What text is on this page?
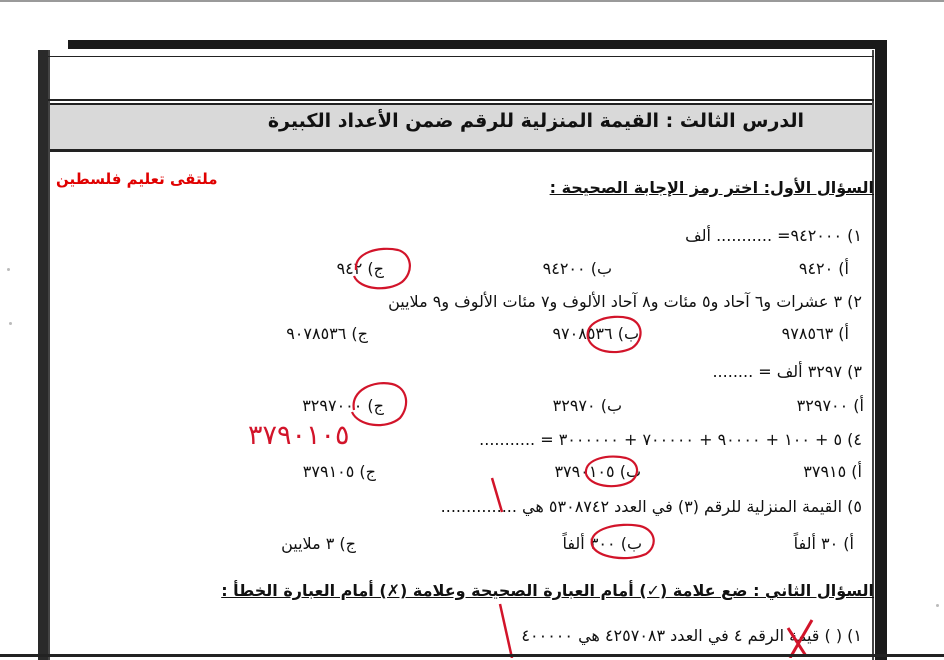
الدرس الثالث : القيمة المنزلية للرقم ضمن الأعداد الكبيرة
ملتقى تعليم فلسطين	السؤال الأول: اختر رمز الإجابة الصحيحة :
١) ٩٤٢٠٠٠= ........... ألف
أ) ٩٤٢٠
ب) ٩٤٢٠٠
ج) ٩٤٢
٢) ٣ عشرات و٦ آحاد و٥ مئات و٨ آحاد الألوف و٧ مئات الألوف و٩ ملايين
أ) ٩٧٨٥٦٣
ب) ٩٧٠٨٥٣٦
ج) ٩٠٧٨٥٣٦
٣) ٣٢٩٧ ألف = ........
أ) ٣٢٩٧٠٠
ب) ٣٢٩٧٠
ج) ٣٢٩٧٠٠٠
٤) ٥ + ١٠٠ + ٩٠٠٠٠ + ٧٠٠٠٠٠ + ٣٠٠٠٠٠٠ = ...........
٣٧٩٠١٠٥
أ) ٣٧٩١٥
ب) ٣٧٩٠١٠٥
ج) ٣٧٩١٠٥
٥) القيمة المنزلية للرقم (٣) في العدد ٥٣٠٨٧٤٢ هي ...............
أ) ٣٠ ألفاً
ب) ٣٠٠ ألفاً
ج) ٣ ملايين
السؤال الثاني : ضع علامة (✓) أمام العبارة الصحيحة وعلامة (✗) أمام العبارة الخطأ :
١) ( ) قيمة الرقم ٤ في العدد ٤٢٥٧٠٨٣ هي ٤٠٠٠٠٠
